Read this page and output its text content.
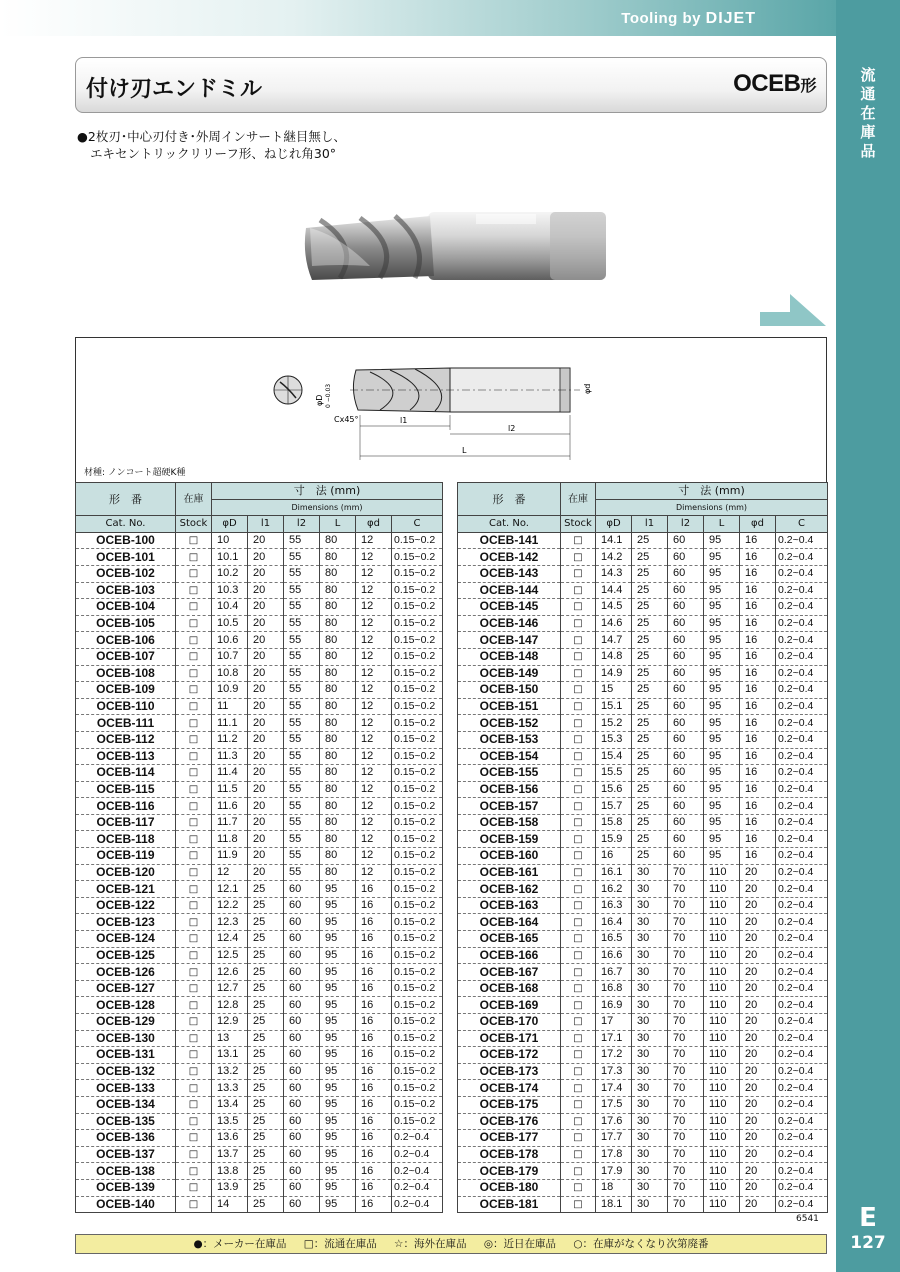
Tooling by DIJET
流
通
在
庫
品
E
127
付け刃エンドミル	OCEB形
●2枚刃･中心刃付き･外周インサート継目無し、
エキセントリックリリーフ形、ねじれ角30°
φD 0 −0.03	φd
Cx45°	l1
l2
L
材種: ノンコート超硬K種
形　番	在庫	寸　法 (mm)					
		Dimensions (mm)					
Cat. No.	Stock	φD	l1	l2	L	φd	C
OCEB-100	□	10	20	55	80	12	0.15~0.2
OCEB-101	□	10.1	20	55	80	12	0.15~0.2
OCEB-102	□	10.2	20	55	80	12	0.15~0.2
OCEB-103	□	10.3	20	55	80	12	0.15~0.2
OCEB-104	□	10.4	20	55	80	12	0.15~0.2
OCEB-105	□	10.5	20	55	80	12	0.15~0.2
OCEB-106	□	10.6	20	55	80	12	0.15~0.2
OCEB-107	□	10.7	20	55	80	12	0.15~0.2
OCEB-108	□	10.8	20	55	80	12	0.15~0.2
OCEB-109	□	10.9	20	55	80	12	0.15~0.2
OCEB-110	□	11	20	55	80	12	0.15~0.2
OCEB-111	□	11.1	20	55	80	12	0.15~0.2
OCEB-112	□	11.2	20	55	80	12	0.15~0.2
OCEB-113	□	11.3	20	55	80	12	0.15~0.2
OCEB-114	□	11.4	20	55	80	12	0.15~0.2
OCEB-115	□	11.5	20	55	80	12	0.15~0.2
OCEB-116	□	11.6	20	55	80	12	0.15~0.2
OCEB-117	□	11.7	20	55	80	12	0.15~0.2
OCEB-118	□	11.8	20	55	80	12	0.15~0.2
OCEB-119	□	11.9	20	55	80	12	0.15~0.2
OCEB-120	□	12	20	55	80	12	0.15~0.2
OCEB-121	□	12.1	25	60	95	16	0.15~0.2
OCEB-122	□	12.2	25	60	95	16	0.15~0.2
OCEB-123	□	12.3	25	60	95	16	0.15~0.2
OCEB-124	□	12.4	25	60	95	16	0.15~0.2
OCEB-125	□	12.5	25	60	95	16	0.15~0.2
OCEB-126	□	12.6	25	60	95	16	0.15~0.2
OCEB-127	□	12.7	25	60	95	16	0.15~0.2
OCEB-128	□	12.8	25	60	95	16	0.15~0.2
OCEB-129	□	12.9	25	60	95	16	0.15~0.2
OCEB-130	□	13	25	60	95	16	0.15~0.2
OCEB-131	□	13.1	25	60	95	16	0.15~0.2
OCEB-132	□	13.2	25	60	95	16	0.15~0.2
OCEB-133	□	13.3	25	60	95	16	0.15~0.2
OCEB-134	□	13.4	25	60	95	16	0.15~0.2
OCEB-135	□	13.5	25	60	95	16	0.15~0.2
OCEB-136	□	13.6	25	60	95	16	0.2~0.4
OCEB-137	□	13.7	25	60	95	16	0.2~0.4
OCEB-138	□	13.8	25	60	95	16	0.2~0.4
OCEB-139	□	13.9	25	60	95	16	0.2~0.4
OCEB-140	□	14	25	60	95	16	0.2~0.4
形　番	在庫	寸　法 (mm)					
		Dimensions (mm)					
Cat. No.	Stock	φD	l1	l2	L	φd	C
OCEB-141	□	14.1	25	60	95	16	0.2~0.4
OCEB-142	□	14.2	25	60	95	16	0.2~0.4
OCEB-143	□	14.3	25	60	95	16	0.2~0.4
OCEB-144	□	14.4	25	60	95	16	0.2~0.4
OCEB-145	□	14.5	25	60	95	16	0.2~0.4
OCEB-146	□	14.6	25	60	95	16	0.2~0.4
OCEB-147	□	14.7	25	60	95	16	0.2~0.4
OCEB-148	□	14.8	25	60	95	16	0.2~0.4
OCEB-149	□	14.9	25	60	95	16	0.2~0.4
OCEB-150	□	15	25	60	95	16	0.2~0.4
OCEB-151	□	15.1	25	60	95	16	0.2~0.4
OCEB-152	□	15.2	25	60	95	16	0.2~0.4
OCEB-153	□	15.3	25	60	95	16	0.2~0.4
OCEB-154	□	15.4	25	60	95	16	0.2~0.4
OCEB-155	□	15.5	25	60	95	16	0.2~0.4
OCEB-156	□	15.6	25	60	95	16	0.2~0.4
OCEB-157	□	15.7	25	60	95	16	0.2~0.4
OCEB-158	□	15.8	25	60	95	16	0.2~0.4
OCEB-159	□	15.9	25	60	95	16	0.2~0.4
OCEB-160	□	16	25	60	95	16	0.2~0.4
OCEB-161	□	16.1	30	70	110	20	0.2~0.4
OCEB-162	□	16.2	30	70	110	20	0.2~0.4
OCEB-163	□	16.3	30	70	110	20	0.2~0.4
OCEB-164	□	16.4	30	70	110	20	0.2~0.4
OCEB-165	□	16.5	30	70	110	20	0.2~0.4
OCEB-166	□	16.6	30	70	110	20	0.2~0.4
OCEB-167	□	16.7	30	70	110	20	0.2~0.4
OCEB-168	□	16.8	30	70	110	20	0.2~0.4
OCEB-169	□	16.9	30	70	110	20	0.2~0.4
OCEB-170	□	17	30	70	110	20	0.2~0.4
OCEB-171	□	17.1	30	70	110	20	0.2~0.4
OCEB-172	□	17.2	30	70	110	20	0.2~0.4
OCEB-173	□	17.3	30	70	110	20	0.2~0.4
OCEB-174	□	17.4	30	70	110	20	0.2~0.4
OCEB-175	□	17.5	30	70	110	20	0.2~0.4
OCEB-176	□	17.6	30	70	110	20	0.2~0.4
OCEB-177	□	17.7	30	70	110	20	0.2~0.4
OCEB-178	□	17.8	30	70	110	20	0.2~0.4
OCEB-179	□	17.9	30	70	110	20	0.2~0.4
OCEB-180	□	18	30	70	110	20	0.2~0.4
OCEB-181	□	18.1	30	70	110	20	0.2~0.4
6541
●：メーカー在庫品 □：流通在庫品 ☆：海外在庫品 ◎：近日在庫品 ○：在庫がなくなり次第廃番
